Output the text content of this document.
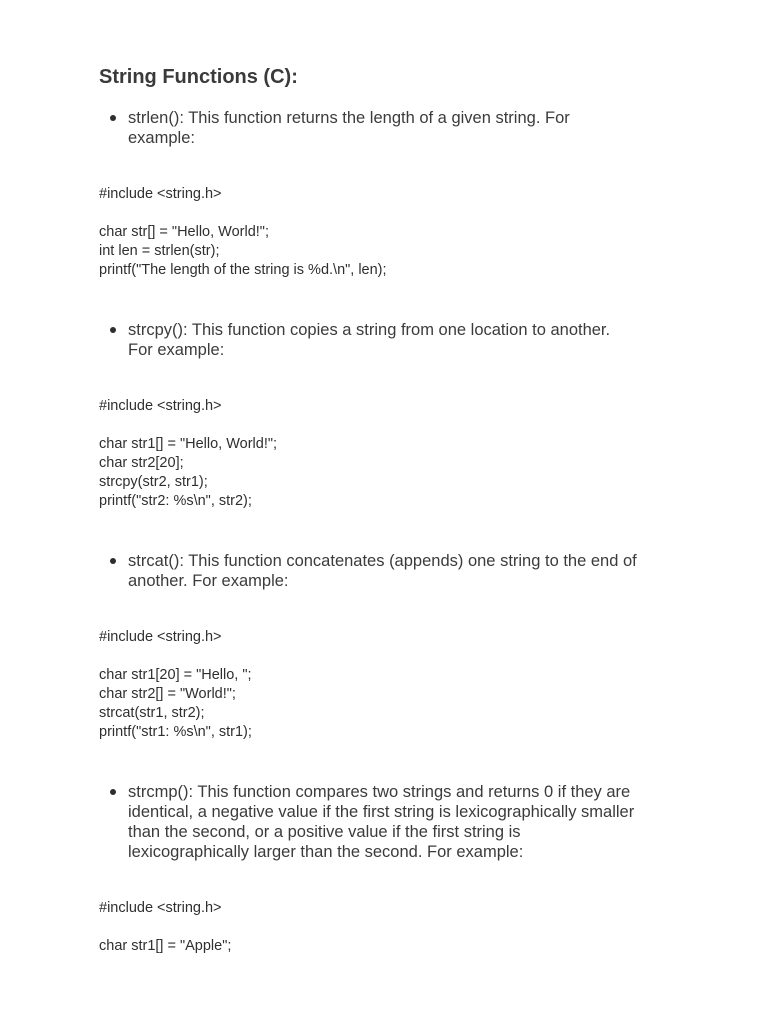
String Functions (C):
strlen(): This function returns the length of a given string. For
example:
#include <string.h>
char str[] = "Hello, World!";
int len = strlen(str);
printf("The length of the string is %d.\n", len);
strcpy(): This function copies a string from one location to another.
For example:
#include <string.h>
char str1[] = "Hello, World!";
char str2[20];
strcpy(str2, str1);
printf("str2: %s\n", str2);
strcat(): This function concatenates (appends) one string to the end of
another. For example:
#include <string.h>
char str1[20] = "Hello, ";
char str2[] = "World!";
strcat(str1, str2);
printf("str1: %s\n", str1);
strcmp(): This function compares two strings and returns 0 if they are
identical, a negative value if the first string is lexicographically smaller
than the second, or a positive value if the first string is
lexicographically larger than the second. For example:
#include <string.h>
char str1[] = "Apple";
